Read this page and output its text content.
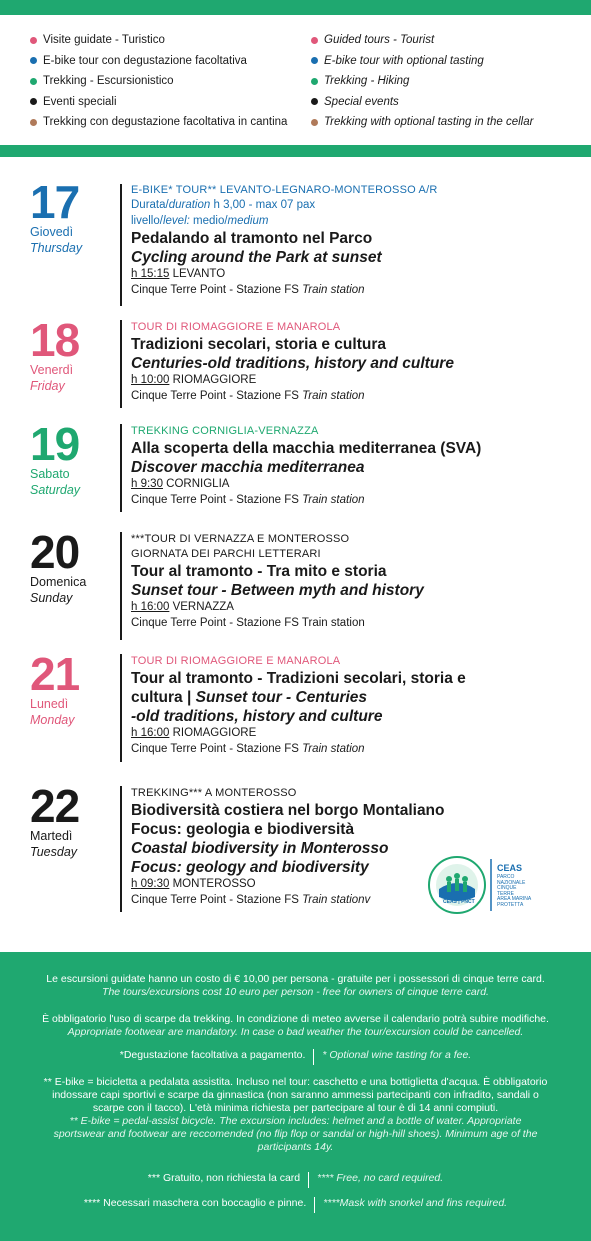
Visite guidate - Turistico
E-bike tour con degustazione facoltativa
Trekking - Escursionistico
Eventi speciali
Trekking con degustazione facoltativa in cantina
Guided tours - Tourist
E-bike tour with optional tasting
Trekking - Hiking
Special events
Trekking with optional tasting in the cellar
17
Giovedì
Thursday
E-BIKE* TOUR** LEVANTO-LEGNARO-MONTEROSSO A/R
Durata/duration h 3,00 - max 07 pax
livello/level: medio/medium
Pedalando al tramonto nel Parco
Cycling around the Park at sunset
h 15:15 LEVANTO
Cinque Terre Point - Stazione FS Train station
18
Venerdì
Friday
TOUR DI RIOMAGGIORE E MANAROLA
Tradizioni secolari, storia e cultura
Centuries-old traditions, history and culture
h 10:00 RIOMAGGIORE
Cinque Terre Point - Stazione FS Train station
19
Sabato
Saturday
TREKKING CORNIGLIA-VERNAZZA
Alla scoperta della macchia mediterranea (SVA)
Discover macchia mediterranea
h 9:30 CORNIGLIA
Cinque Terre Point - Stazione FS Train station
20
Domenica
Sunday
***TOUR DI VERNAZZA E MONTEROSSO
GIORNATA DEI PARCHI LETTERARI
Tour al tramonto - Tra mito e storia
Sunset tour - Between myth and history
h 16:00 VERNAZZA
Cinque Terre Point - Stazione FS Train station
21
Lunedì
Monday
TOUR DI RIOMAGGIORE E MANAROLA
Tour al tramonto - Tradizioni secolari, storia e
cultura | Sunset tour - Centuries
-old traditions, history and culture
h 16:00 RIOMAGGIORE
Cinque Terre Point - Stazione FS Train station
22
Martedì
Tuesday
TREKKING*** A MONTEROSSO
Biodiversità costiera nel borgo Montaliano
Focus: geologia e biodiversità
Coastal biodiversity in Monterosso
Focus: geology and biodiversity
h 09:30 MONTEROSSO
Cinque Terre Point - Stazione FS Train stationv	CEAS | PNCT
CEAS
PARCO
NAZIONALE
CINQUE
TERRE
AREA MARINA
PROTETTA

Le escursioni guidate hanno un costo di € 10,00 per persona - gratuite per i possessori di cinque terre card.
The tours/excursions cost 10 euro per person - free for owners of cinque terre card.

È obbligatorio l'uso di scarpe da trekking. In condizione di meteo avverse il calendario potrà subire modifiche.
Appropriate footwear are mandatory. In case o bad weather the tour/excursion could be cancelled.

*Degustazione facoltativa a pagamento.	* Optional wine tasting for a fee.

** E-bike = bicicletta a pedalata assistita. Incluso nel tour: caschetto e una bottiglietta d'acqua. È obbligatorio
indossare capi sportivi e scarpe da ginnastica (non saranno ammessi partecipanti con infradito, sandali o
scarpe con il tacco). L'età minima richiesta per partecipare al tour è di 14 anni compiuti.
** E-bike = pedal-assist bicycle. The excursion includes: helmet and a bottle of water. Appropriate
sportswear and footwear are reccomended (no flip flop or sandal or high-hill shoes). Minimum age of the
participants 14y.

*** Gratuito, non richiesta la card	**** Free, no card required.
**** Necessari maschera con boccaglio e pinne.	****Mask with snorkel and fins required.
